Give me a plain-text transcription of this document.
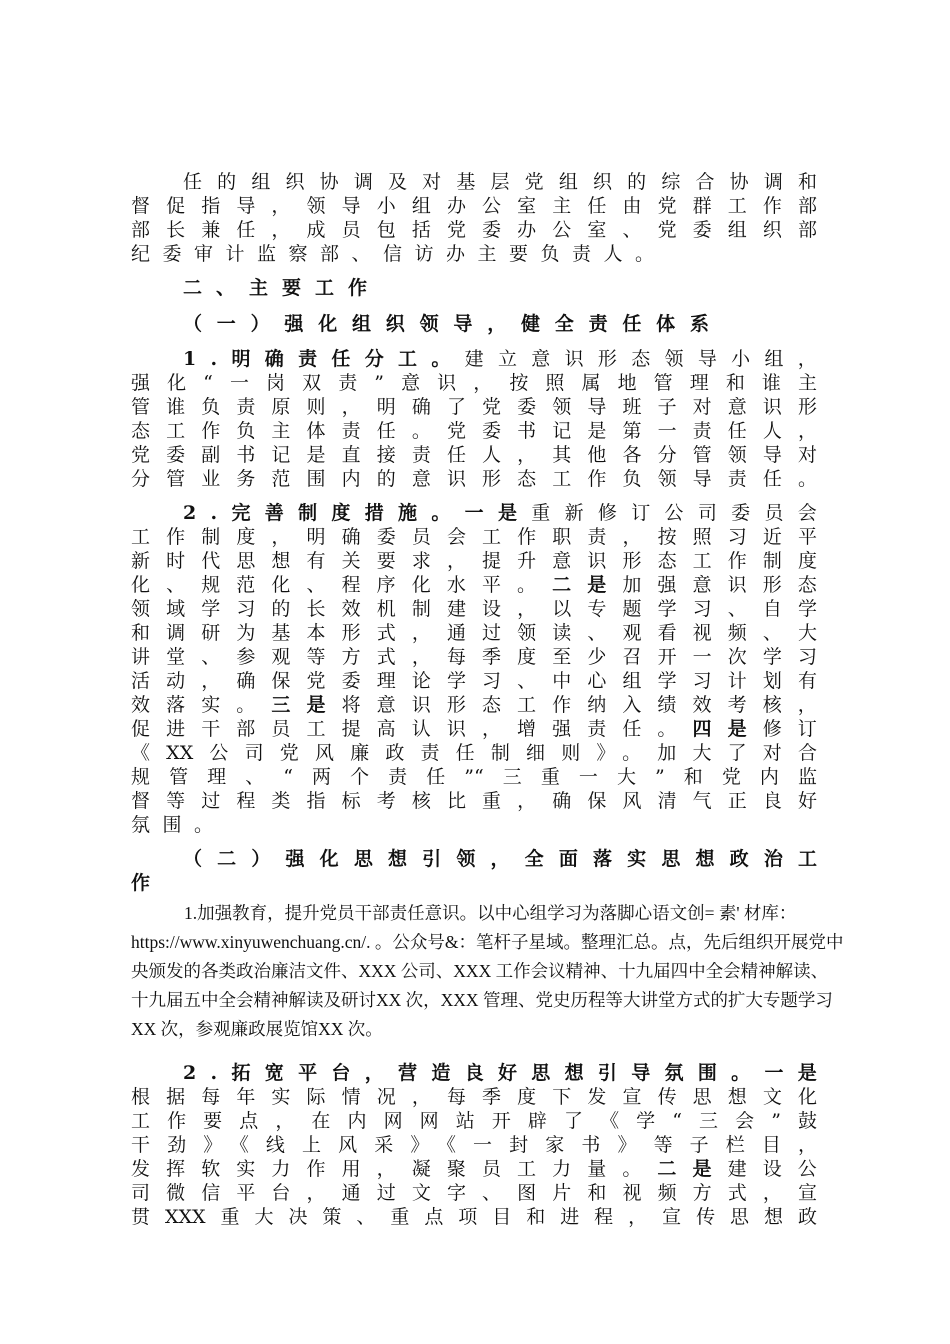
任的组织协调及对基层党组织的综合协调和
督促指导，领导小组办公室主任由党群工作部
部长兼任，成员包括党委办公室、党委组织部
纪委审计监察部、信访办主要负责人。
二、主要工作
（一）强化组织领导，健全责任体系
1 . 明 确 责 任 分 工 。 建 立 意 识 形 态 领 导 小 组 ，
强化“一岗双责”意识，按照属地管理和谁主
管谁负责原则，明确了党委领导班子对意识形
态工作负主体责任。党委书记是第一责任人，
党委副书记是直接责任人，其他各分管领导对
分管业务范围内的意识形态工作负领导责任。
2 . 完 善 制 度 措 施 。 一 是 重 新 修 订 公 司 委 员 会
工作制度，明确委员会工作职责，按照习近平
新时代思想有关要求，提升意识形态工作制度
化 、 规 范 化 、 程 序 化 水 平 。 二 是 加 强 意 识 形 态
领域学习的长效机制建设，以专题学习、自学
和调研为基本形式，通过领读、观看视频、大
讲堂、参观等方式，每季度至少召开一次学习
活动，确保党委理论学习、中心组学习计划有
效 落 实 。 三 是 将 意 识 形 态 工 作 纳 入 绩 效 考 核 ，
促 进 干 部 员 工 提 高 认 识 ， 增 强 责 任 。 四 是 修 订
《XX公司党风廉政责任制细则》。加大了对合
规管理、“两个责任”“三重一大”和党内监
督等过程类指标考核比重，确保风清气正良好
氛围。
（二）强化思想引领，全面落实思想政治工
作
1.加强教育，提升党员干部责任意识。以中心组学习为落脚心语文创= 素' 材库：
https://www.xinyuwenchuang.cn/. 。公众号&：笔杆子星域。整理汇总。点，先后组织开展党中
央颁发的各类政治廉洁文件、XXX 公司、XXX 工作会议精神、十九届四中全会精神解读、
十九届五中全会精神解读及研讨XX 次，XXX 管理、党史历程等大讲堂方式的扩大专题学习
XX 次，参观廉政展览馆XX 次。
2 . 拓 宽 平 台 ， 营 造 良 好 思 想 引 导 氛 围 。 一 是
根据每年实际情况，每季度下发宣传思想文化
工作要点，在内网网站开辟了《学“三会”鼓
干劲》《线上风采》《一封家书》等子栏目，
发 挥 软 实 力 作 用 ， 凝 聚 员 工 力 量 。 二 是 建 设 公
司微信平台，通过文字、图片和视频方式，宣
贯XXX重大决策、重点项目和进程，宣传思想政
